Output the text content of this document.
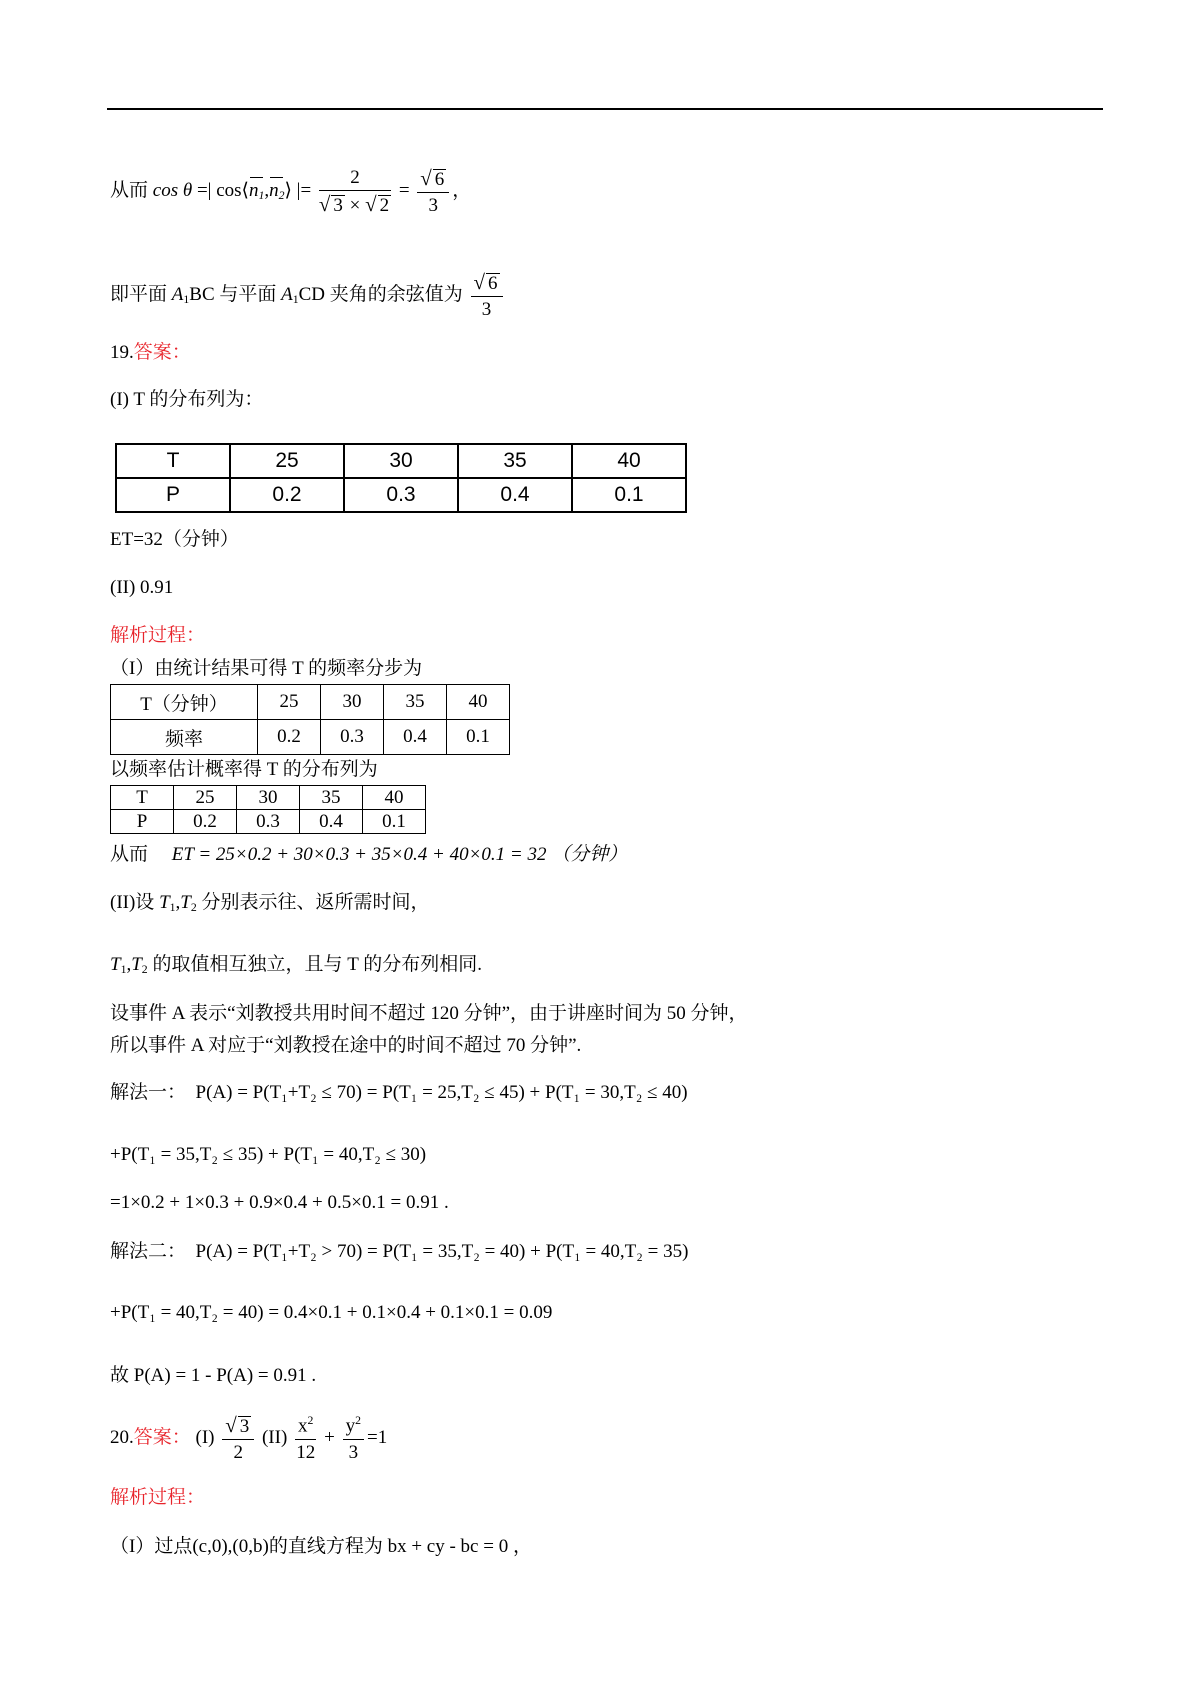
从而 cos θ =| $\cos⟨n_1,n_2⟩$ |= $\frac{2}{√ 3 \times √ 2} = \frac{√ 6}{3}$ ，
即平面 $A_1BC$ 与平面 $A_1CD$ 夹角的余弦值为 $\frac{√ 6}{3}$
19.答案：
(I) T 的分布列为：
T	25	30	35	40
P	0.2	0.3	0.4	0.1
ET=32（分钟）
(II) 0.91
解析过程：
（I）由统计结果可得 T 的频率分步为
T（分钟）	25	30	35	40
频率	0.2	0.3	0.4	0.1
以频率估计概率得 T 的分布列为
T	25	30	35	40
P	0.2	0.3	0.4	0.1
从而 ET = 25×0.2 + 30×0.3 + 35×0.4 + 40×0.1 = 32 （分钟）
(II)设 $T_1,T_2$ 分别表示往、返所需时间，
$T_1,T_2$ 的取值相互独立，且与 T 的分布列相同.
设事件 A 表示“刘教授共用时间不超过 120 分钟”，由于讲座时间为 50 分钟，
所以事件 A 对应于“刘教授在途中的时间不超过 70 分钟”.
解法一： P(A) = P(T₁+T₂ ≤ 70) = P(T₁ = 25,T₂ ≤ 45) + P(T₁ = 30,T₂ ≤ 40)
+P(T₁ = 35,T₂ ≤ 35) + P(T₁ = 40,T₂ ≤ 30)
=1×0.2 + 1×0.3 + 0.9×0.4 + 0.5×0.1 = 0.91 .
解法二： P(A) = P(T₁+T₂ > 70) = P(T₁ = 35,T₂ = 40) + P(T₁ = 40,T₂ = 35)
+P(T₁ = 40,T₂ = 40) = 0.4×0.1 + 0.1×0.4 + 0.1×0.1 = 0.09
故 P(A) = 1 - P(A) = 0.91 .
20.答案： $(I) \frac{√ 3}{2} (II) \frac{x^2}{12} + \frac{y^2}{3} =1$
解析过程：
（I）过点(c,0),(0,b)的直线方程为 bx + cy - bc = 0 ，
